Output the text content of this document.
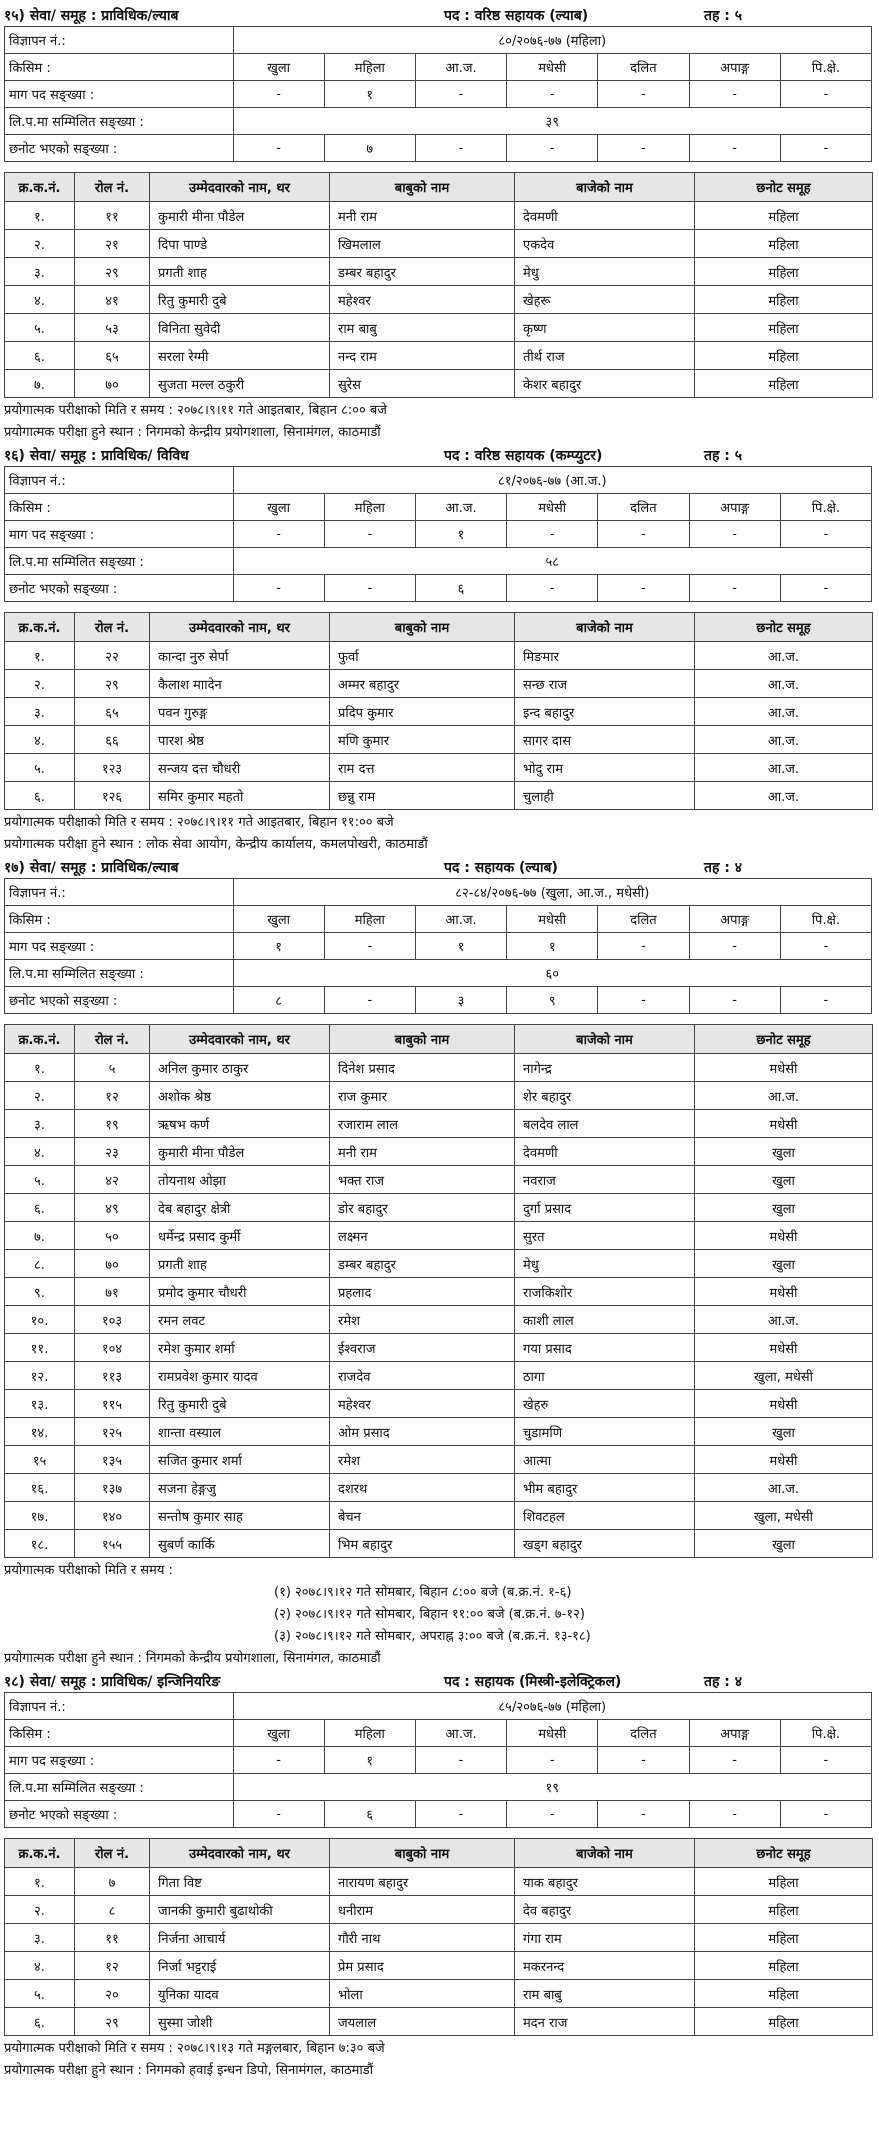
१५) सेवा/ समूह : प्राविधिक/ल्याब	पद : वरिष्ठ सहायक (ल्याब)	तह : ५
विज्ञापन नं.:	८०/२०७६-७७ (महिला)						
किसिम :	खुला	महिला	आ.ज.	मधेसी	दलित	अपाङ्ग	पि.क्षे.
माग पद सङ्ख्या :	-	१	-	-	-	-	-
लि.प.मा सम्मिलित सङ्ख्या :	३९						
छनोट भएको सङ्ख्या :	-	७	-	-	-	-	-
क्र.क.नं.	रोल नं.	उम्मेदवारको नाम, थर	बाबुको नाम	बाजेको नाम	छनोट समूह
१.	११	कुमारी मीना पौडेल	मनी राम	देवमणी	महिला
२.	२१	दिपा पाण्डे	खिमलाल	एकदेव	महिला
३.	२९	प्रगती शाह	डम्बर बहादुर	मेधु	महिला
४.	४१	रितु कुमारी दुबे	महेश्वर	खेहरू	महिला
५.	५३	विनिता सुवेदी	राम बाबु	कृष्ण	महिला
६.	६५	सरला रेग्मी	नन्द राम	तीर्थ राज	महिला
७.	७०	सुजता मल्ल ठकुरी	सुरेस	केशर बहादुर	महिला
प्रयोगात्मक परीक्षाको मिति र समय : २०७८।९।११ गते आइतबार, बिहान ८:०० बजे
प्रयोगात्मक परीक्षा हुने स्थान : निगमको केन्द्रीय प्रयोगशाला, सिनामंगल, काठमाडौं
१६) सेवा/ समूह : प्राविधिक/ विविध	पद : वरिष्ठ सहायक (कम्प्युटर)	तह : ५
विज्ञापन नं.:	८१/२०७६-७७ (आ.ज.)						
किसिम :	खुला	महिला	आ.ज.	मधेसी	दलित	अपाङ्ग	पि.क्षे.
माग पद सङ्ख्या :	-	-	१	-	-	-	-
लि.प.मा सम्मिलित सङ्ख्या :	५८						
छनोट भएको सङ्ख्या :	-	-	६	-	-	-	-
क्र.क.नं.	रोल नं.	उम्मेदवारको नाम, थर	बाबुको नाम	बाजेको नाम	छनोट समूह
१.	२२	कान्दा नुरु सेर्पा	फुर्वा	मिङमार	आ.ज.
२.	२९	कैलाश माादेन	अम्मर बहादुर	सन्छ राज	आ.ज.
३.	६५	पवन गुरुङ्ग	प्रदिप कुमार	इन्द बहादुर	आ.ज.
४.	६६	पारश श्रेष्ठ	मणि कुमार	सागर दास	आ.ज.
५.	१२३	सन्जय दत्त चौधरी	राम दत्त	भोदु राम	आ.ज.
६.	१२६	समिर कुमार महतो	छन्नु राम	चुलाही	आ.ज.
प्रयोगात्मक परीक्षाको मिति र समय : २०७८।९।११ गते आइतबार, बिहान ११:०० बजे
प्रयोगात्मक परीक्षा हुने स्थान : लोक सेवा आयोग, केन्द्रीय कार्यालय, कमलपोखरी, काठमाडौं
१७) सेवा/ समूह : प्राविधिक/ल्याब	पद : सहायक (ल्याब)	तह : ४
विज्ञापन नं.:	८२-८४/२०७६-७७ (खुला, आ.ज., मधेसी)						
किसिम :	खुला	महिला	आ.ज.	मधेसी	दलित	अपाङ्ग	पि.क्षे.
माग पद सङ्ख्या :	१	-	१	१	-	-	-
लि.प.मा सम्मिलित सङ्ख्या :	६०						
छनोट भएको सङ्ख्या :	८	-	३	९	-	-	-
क्र.क.नं.	रोल नं.	उम्मेदवारको नाम, थर	बाबुको नाम	बाजेको नाम	छनोट समूह
१.	५	अनिल कुमार ठाकुर	दिनेश प्रसाद	नागेन्द्र	मधेसी
२.	१२	अशोक श्रेष्ठ	राज कुमार	शेर बहादुर	आ.ज.
३.	१९	ऋषभ कर्ण	रजाराम लाल	बलदेव लाल	मधेसी
४.	२३	कुमारी मीना पौडेल	मनी राम	देवमणी	खुला
५.	४२	तोयनाथ ओझा	भक्त राज	नवराज	खुला
६.	४९	देब बहादुर क्षेत्री	डोर बहादुर	दुर्गा प्रसाद	खुला
७.	५०	धर्मेन्द्र प्रसाद कुर्मी	लक्ष्मन	सुरत	मधेसी
८.	७०	प्रगती शाह	डम्बर बहादुर	मेधु	खुला
९.	७१	प्रमोद कुमार चौधरी	प्रहलाद	राजकिशोर	मधेसी
१०.	१०३	रमन लवट	रमेश	काशी लाल	आ.ज.
११.	१०४	रमेश कुमार शर्मा	ईश्वराज	गया प्रसाद	मधेसी
१२.	११३	रामप्रवेश कुमार यादव	राजदेव	ठागा	खुला, मधेसी
१३.	११५	रितु कुमारी दुबे	महेश्वर	खेहरु	मधेसी
१४.	१२५	शान्ता वस्याल	ओम प्रसाद	चुडामणि	खुला
१५	१३५	सजित कुमार शर्मा	रमेश	आत्मा	मधेसी
१६.	१३७	सजना हेङ्गजु	दशरथ	भीम बहादुर	आ.ज.
१७.	१४०	सन्तोष कुमार साह	बेचन	शिवटहल	खुला, मधेसी
१८.	१५५	सुबर्ण कार्कि	भिम बहादुर	खड्ग बहादुर	खुला
प्रयोगात्मक परीक्षाको मिति र समय :
(१) २०७८।९।१२ गते सोमबार, बिहान ८:०० बजे (ब.क्र.नं. १-६)
(२) २०७८।९।१२ गते सोमबार, बिहान ११:०० बजे (ब.क्र.नं. ७-१२)
(३) २०७८।९।१२ गते सोमबार, अपराह्न ३:०० बजे (ब.क्र.नं. १३-१८)
प्रयोगात्मक परीक्षा हुने स्थान : निगमको केन्द्रीय प्रयोगशाला, सिनामंगल, काठमाडौं
१८) सेवा/ समूह : प्राविधिक/ इन्जिनियरिङ	पद : सहायक (मिस्त्री-इलेक्ट्रिकल)	तह : ४
विज्ञापन नं.:	८५/२०७६-७७ (महिला)						
किसिम :	खुला	महिला	आ.ज.	मधेसी	दलित	अपाङ्ग	पि.क्षे.
माग पद सङ्ख्या :	-	१	-	-	-	-	-
लि.प.मा सम्मिलित सङ्ख्या :	१९						
छनोट भएको सङ्ख्या :	-	६	-	-	-	-	-
क्र.क.नं.	रोल नं.	उम्मेदवारको नाम, थर	बाबुको नाम	बाजेको नाम	छनोट समूह
१.	७	गिता विष्ट	नारायण बहादुर	याक बहादुर	महिला
२.	८	जानकी कुमारी बुढाथोकी	धनीराम	देव बहादुर	महिला
३.	११	निर्जना आचार्य	गौरी नाथ	गंगा राम	महिला
४.	१२	निर्जा भट्टराई	प्रेम प्रसाद	मकरनन्द	महिला
५.	२०	युनिका यादव	भोला	राम बाबु	महिला
६.	२९	सुस्मा जोशी	जयलाल	मदन राज	महिला
प्रयोगात्मक परीक्षाको मिति र समय : २०७८।९।१३ गते मङ्गलबार, बिहान ७:३० बजे
प्रयोगात्मक परीक्षा हुने स्थान : निगमको हवाई इन्धन डिपो, सिनामंगल, काठमाडौं
